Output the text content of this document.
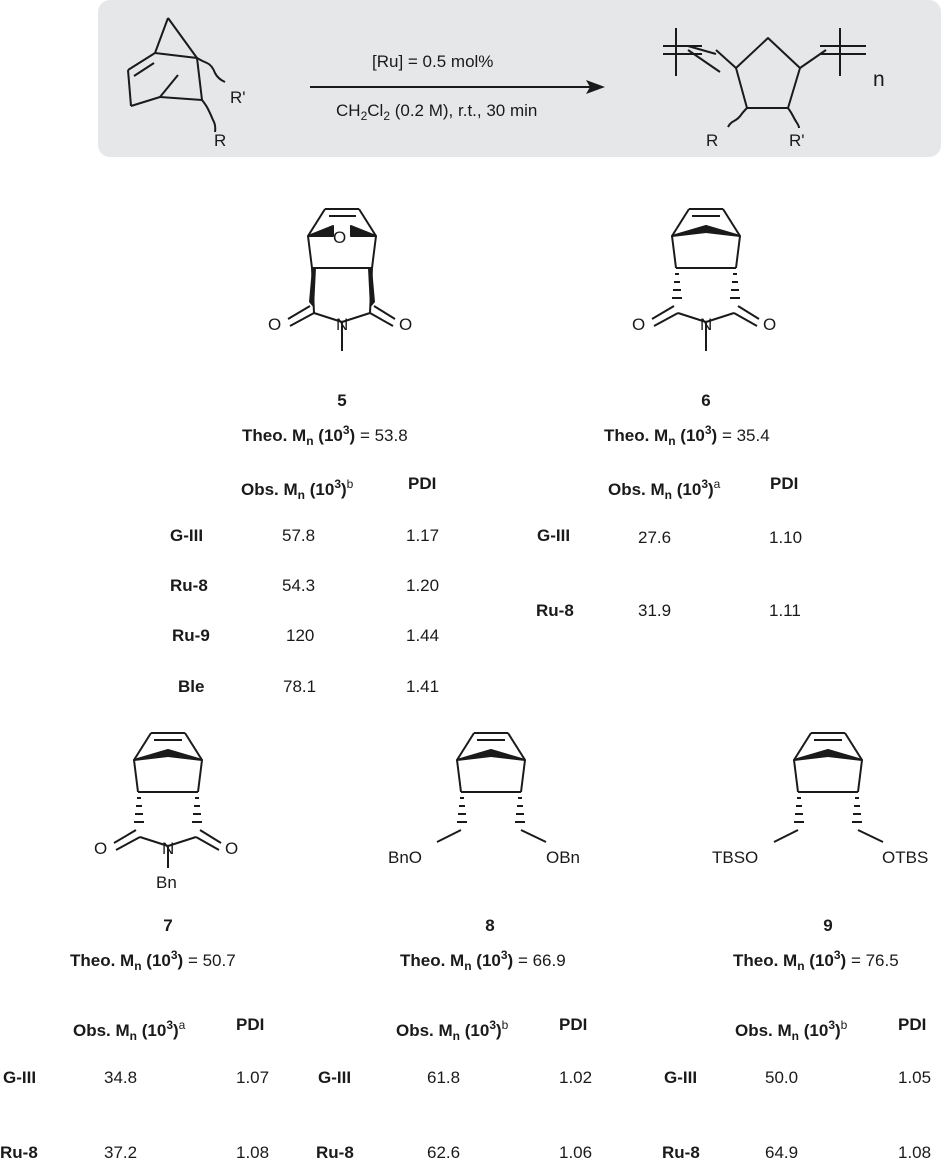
R'
R	R	R'
n
O
N
O	O	N
O	O
N
O	O
Bn
BnO	OBn	TBSO	OTBS
[Ru] = 0.5 mol%
$CH_2Cl_2$ (0.2 M), r.t., 30 min
5
Theo. $M_n$ $(10^3) = 53.8$
Obs. $M_n$ $(10^3)^b$	PDI
G-III	57.8	1.17
Ru-8	54.3	1.20
Ru-9	120	1.44
Ble	78.1	1.41
6
Theo. $M_n$ $(10^3) = 35.4$
Obs. $M_n$ $(10^3)^a$	PDI
G-III	27.6	1.10
Ru-8	31.9	1.11
7
Theo. $M_n$ $(10^3) = 50.7$
Obs. $M_n$ $(10^3)^a$	PDI
G-III	34.8	1.07
Ru-8	37.2	1.08
8
Theo. $M_n$ $(10^3) = 66.9$
Obs. $M_n$ $(10^3)^b$	PDI
G-III	61.8	1.02
Ru-8	62.6	1.06
9
Theo. $M_n$ $(10^3) = 76.5$
Obs. $M_n$ $(10^3)^b$	PDI
G-III	50.0	1.05
Ru-8	64.9	1.08
